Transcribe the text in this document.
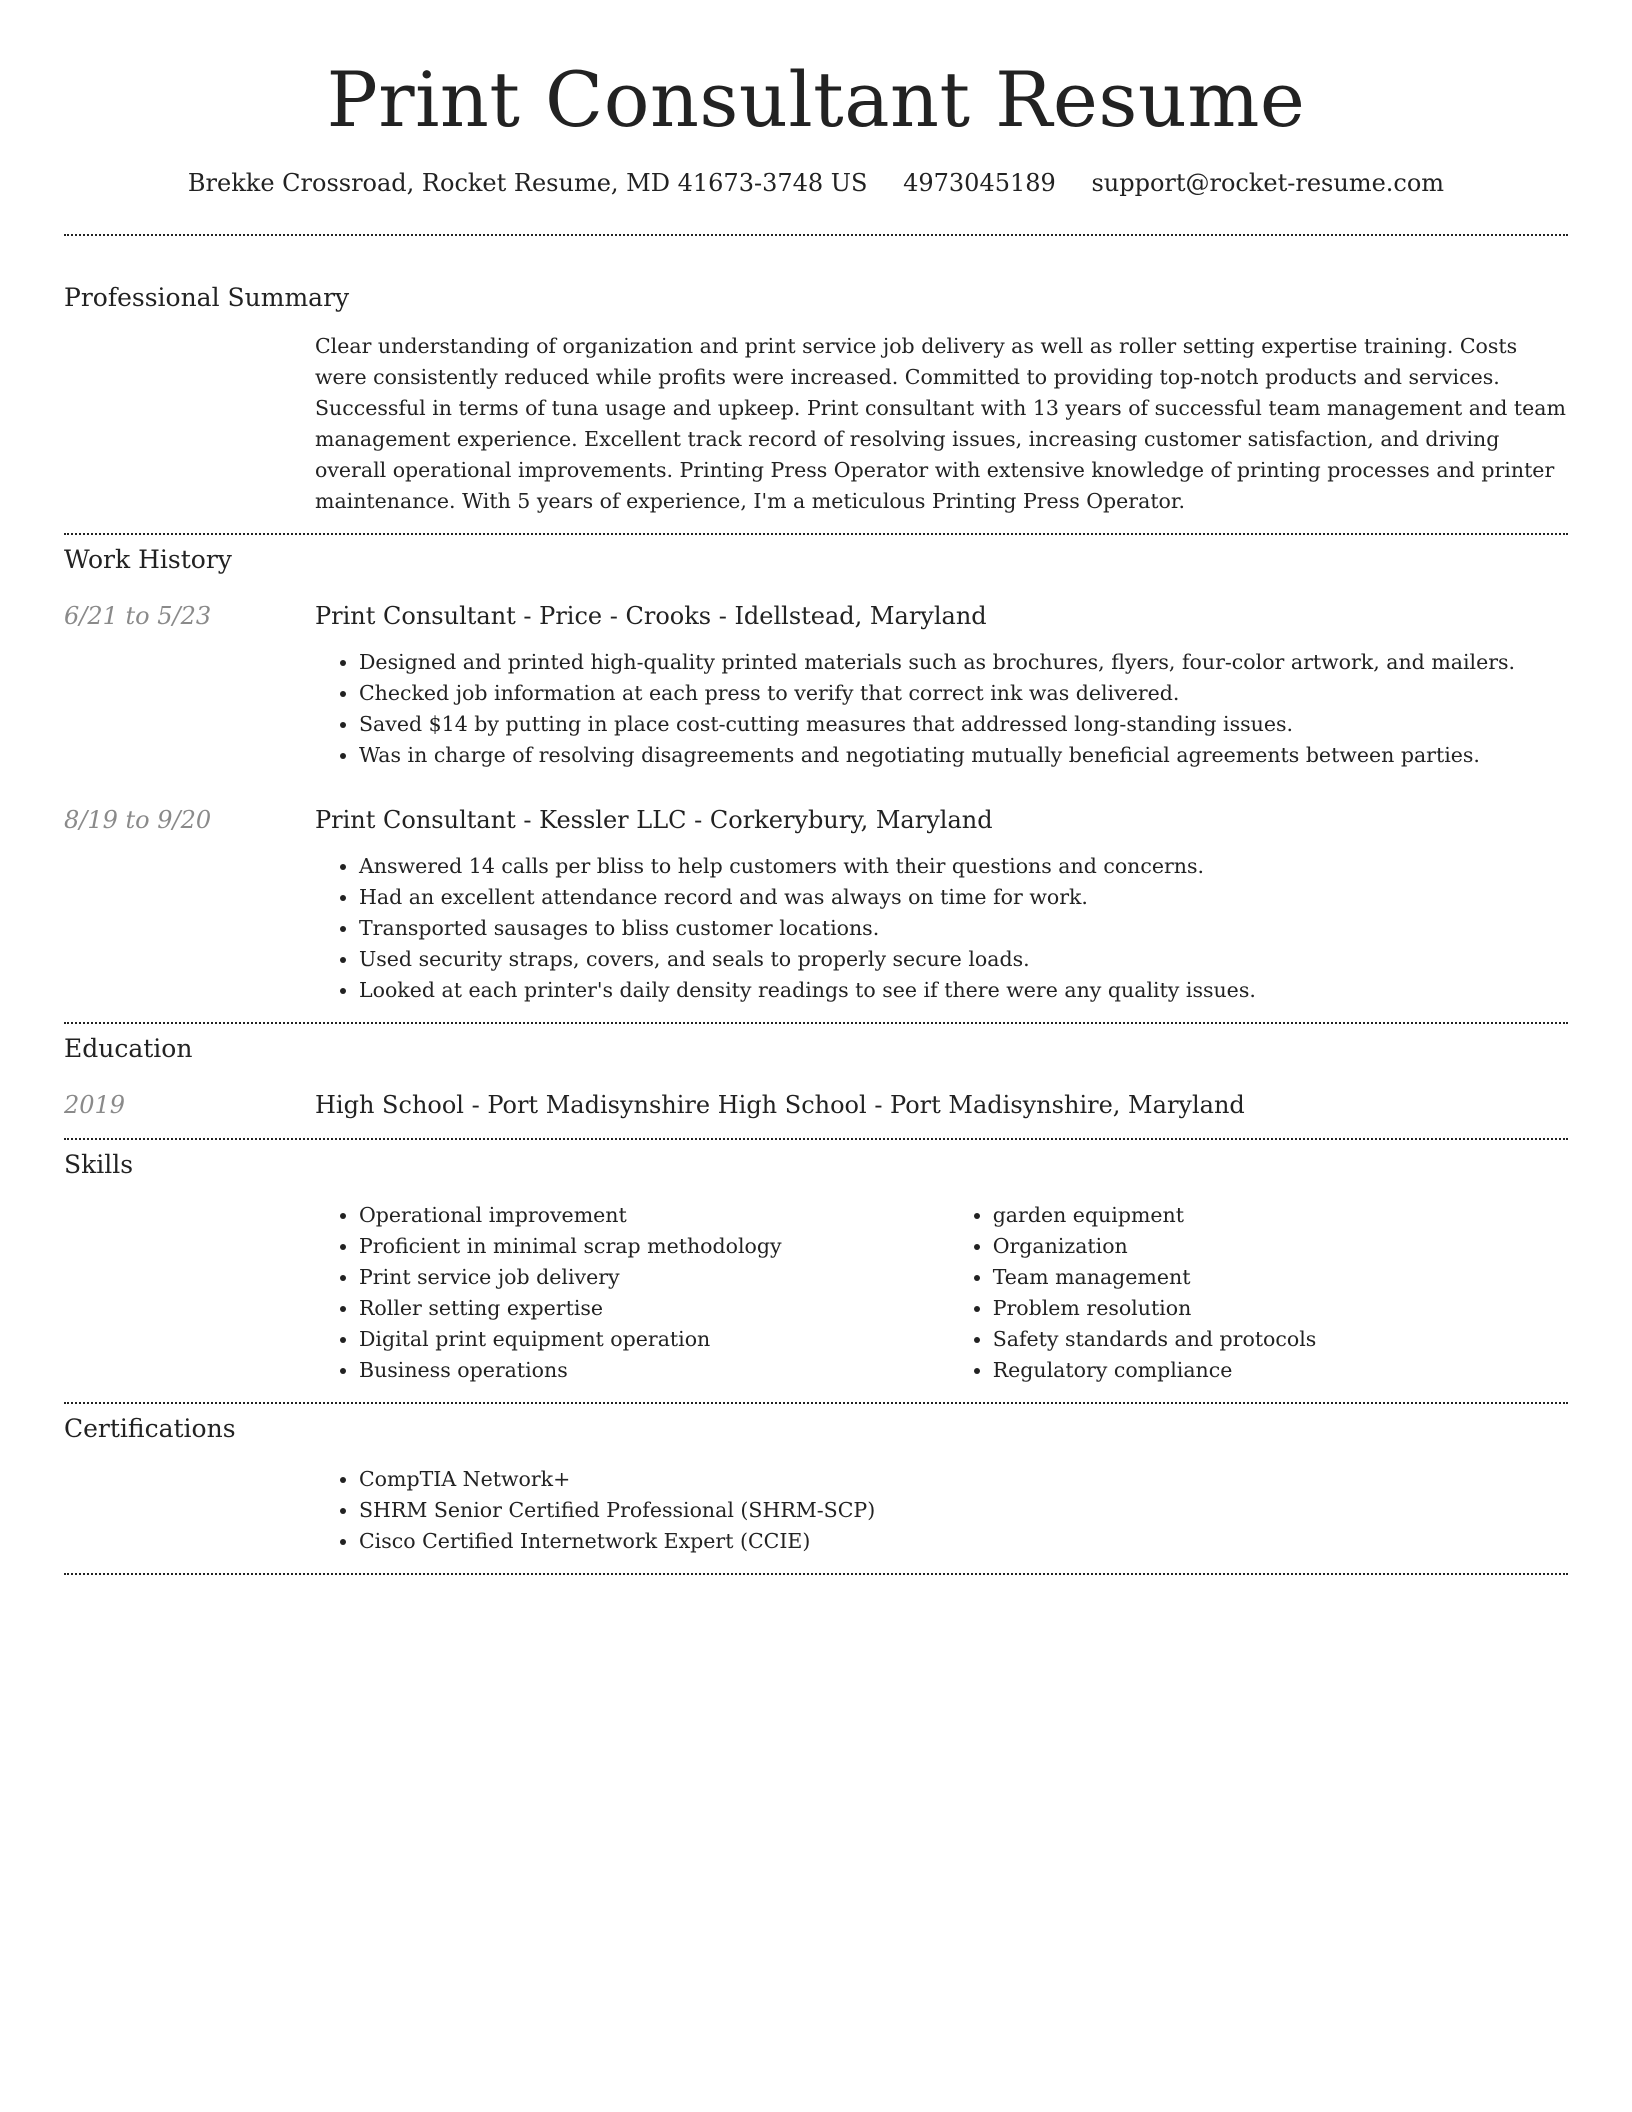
Print Consultant Resume
Brekke Crossroad, Rocket Resume, MD 41673-3748 US 4973045189 support@rocket-resume.com
Professional Summary

Clear understanding of organization and print service job delivery as well as roller setting expertise training. Costs were consistently reduced while profits were increased. Committed to providing top-notch products and services. Successful in terms of tuna usage and upkeep. Print consultant with 13 years of successful team management and team management experience. Excellent track record of resolving issues, increasing customer satisfaction, and driving overall operational improvements. Printing Press Operator with extensive knowledge of printing processes and printer maintenance. With 5 years of experience, I'm a meticulous Printing Press Operator.

Work History
6/21 to 5/23	Print Consultant - Price - Crooks - Idellstead, Maryland
• Designed and printed high-quality printed materials such as brochures, flyers, four-color artwork, and mailers.
• Checked job information at each press to verify that correct ink was delivered.
• Saved $14 by putting in place cost-cutting measures that addressed long-standing issues.
• Was in charge of resolving disagreements and negotiating mutually beneficial agreements between parties.
8/19 to 9/20	Print Consultant - Kessler LLC - Corkerybury, Maryland
• Answered 14 calls per bliss to help customers with their questions and concerns.
• Had an excellent attendance record and was always on time for work.
• Transported sausages to bliss customer locations.
• Used security straps, covers, and seals to properly secure loads.
• Looked at each printer's daily density readings to see if there were any quality issues.
Education
2019	High School - Port Madisynshire High School - Port Madisynshire, Maryland
Skills
• Operational improvement
• Proficient in minimal scrap methodology
• Print service job delivery
• Roller setting expertise
• Digital print equipment operation
• Business operations
• garden equipment
• Organization
• Team management
• Problem resolution
• Safety standards and protocols
• Regulatory compliance
Certifications
• CompTIA Network+
• SHRM Senior Certified Professional (SHRM-SCP)
• Cisco Certified Internetwork Expert (CCIE)
